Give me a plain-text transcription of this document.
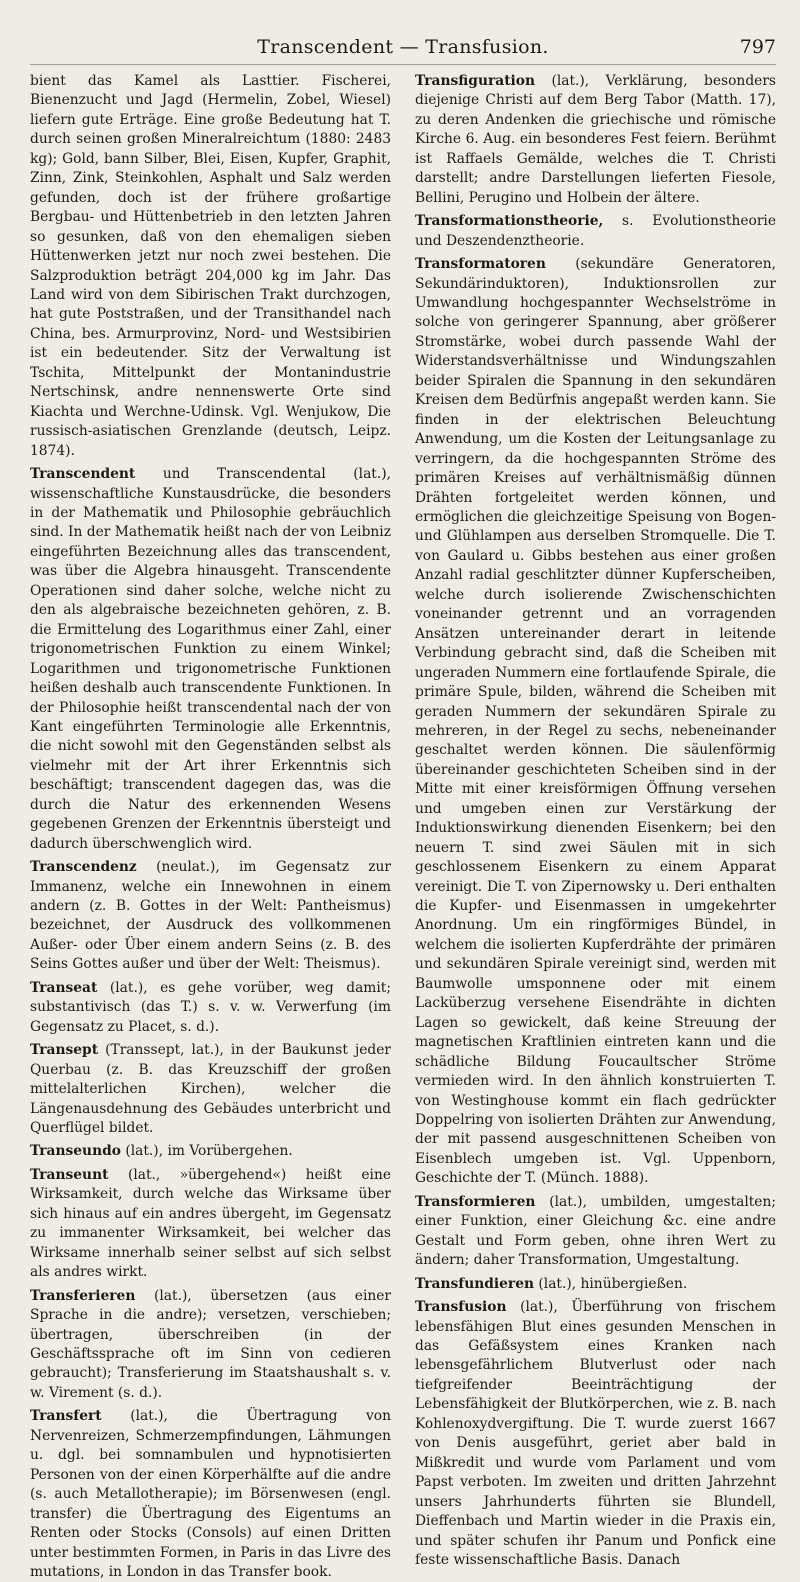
Transcendent — Transfusion.	797

bient das Kamel als Lasttier. Fischerei, Bienenzucht und Jagd (Hermelin, Zobel, Wiesel) liefern gute Erträge. Eine große Bedeutung hat T. durch seinen großen Mineralreichtum (1880: 2483 kg); Gold, bann Silber, Blei, Eisen, Kupfer, Graphit, Zinn, Zink, Steinkohlen, Asphalt und Salz werden gefunden, doch ist der frühere großartige Bergbau- und Hüttenbetrieb in den letzten Jahren so gesunken, daß von den ehemaligen sieben Hüttenwerken jetzt nur noch zwei bestehen. Die Salzproduktion beträgt 204,000 kg im Jahr. Das Land wird von dem Sibirischen Trakt durchzogen, hat gute Poststraßen, und der Transithandel nach China, bes. Armurprovinz, Nord- und Westsibirien ist ein bedeutender. Sitz der Verwaltung ist Tschita, Mittelpunkt der Montanindustrie Nertschinsk, andre nennenswerte Orte sind Kiachta und Werchne-Udinsk. Vgl. Wenjukow, Die russisch-asiatischen Grenzlande (deutsch, Leipz. 1874).

Transcendent und Transcendental (lat.), wissenschaftliche Kunstausdrücke, die besonders in der Mathematik und Philosophie gebräuchlich sind. In der Mathematik heißt nach der von Leibniz eingeführten Bezeichnung alles das transcendent, was über die Algebra hinausgeht. Transcendente Operationen sind daher solche, welche nicht zu den als algebraische bezeichneten gehören, z. B. die Ermittelung des Logarithmus einer Zahl, einer trigonometrischen Funktion zu einem Winkel; Logarithmen und trigonometrische Funktionen heißen deshalb auch transcendente Funktionen. In der Philosophie heißt transcendental nach der von Kant eingeführten Terminologie alle Erkenntnis, die nicht sowohl mit den Gegenständen selbst als vielmehr mit der Art ihrer Erkenntnis sich beschäftigt; transcendent dagegen das, was die durch die Natur des erkennenden Wesens gegebenen Grenzen der Erkenntnis übersteigt und dadurch überschwenglich wird.

Transcendenz (neulat.), im Gegensatz zur Immanenz, welche ein Innewohnen in einem andern (z. B. Gottes in der Welt: Pantheismus) bezeichnet, der Ausdruck des vollkommenen Außer- oder Über einem andern Seins (z. B. des Seins Gottes außer und über der Welt: Theismus).

Transeat (lat.), es gehe vorüber, weg damit; substantivisch (das T.) s. v. w. Verwerfung (im Gegensatz zu Placet, s. d.).

Transept (Transsept, lat.), in der Baukunst jeder Querbau (z. B. das Kreuzschiff der großen mittelalterlichen Kirchen), welcher die Längenausdehnung des Gebäudes unterbricht und Querflügel bildet.

Transeundo (lat.), im Vorübergehen.

Transeunt (lat., »übergehend«) heißt eine Wirksamkeit, durch welche das Wirksame über sich hinaus auf ein andres übergeht, im Gegensatz zu immanenter Wirksamkeit, bei welcher das Wirksame innerhalb seiner selbst auf sich selbst als andres wirkt.

Transferieren (lat.), übersetzen (aus einer Sprache in die andre); versetzen, verschieben; übertragen, überschreiben (in der Geschäftssprache oft im Sinn von cedieren gebraucht); Transferierung im Staatshaushalt s. v. w. Virement (s. d.).

Transfert (lat.), die Übertragung von Nervenreizen, Schmerzempfindungen, Lähmungen u. dgl. bei somnambulen und hypnotisierten Personen von der einen Körperhälfte auf die andre (s. auch Metallotherapie); im Börsenwesen (engl. transfer) die Übertragung des Eigentums an Renten oder Stocks (Consols) auf einen Dritten unter bestimmten Formen, in Paris in das Livre des mutations, in London in das Transfer book.

Transfiguration (lat.), Verklärung, besonders diejenige Christi auf dem Berg Tabor (Matth. 17), zu deren Andenken die griechische und römische Kirche 6. Aug. ein besonderes Fest feiern. Berühmt ist Raffaels Gemälde, welches die T. Christi darstellt; andre Darstellungen lieferten Fiesole, Bellini, Perugino und Holbein der ältere.

Transformationstheorie, s. Evolutionstheorie und Deszendenztheorie.

Transformatoren (sekundäre Generatoren, Sekundärinduktoren), Induktionsrollen zur Umwandlung hochgespannter Wechselströme in solche von geringerer Spannung, aber größerer Stromstärke, wobei durch passende Wahl der Widerstandsverhältnisse und Windungszahlen beider Spiralen die Spannung in den sekundären Kreisen dem Bedürfnis angepaßt werden kann. Sie finden in der elektrischen Beleuchtung Anwendung, um die Kosten der Leitungsanlage zu verringern, da die hochgespannten Ströme des primären Kreises auf verhältnismäßig dünnen Drähten fortgeleitet werden können, und ermöglichen die gleichzeitige Speisung von Bogen- und Glühlampen aus derselben Stromquelle. Die T. von Gaulard u. Gibbs bestehen aus einer großen Anzahl radial geschlitzter dünner Kupferscheiben, welche durch isolierende Zwischenschichten voneinander getrennt und an vorragenden Ansätzen untereinander derart in leitende Verbindung gebracht sind, daß die Scheiben mit ungeraden Nummern eine fortlaufende Spirale, die primäre Spule, bilden, während die Scheiben mit geraden Nummern der sekundären Spirale zu mehreren, in der Regel zu sechs, nebeneinander geschaltet werden können. Die säulenförmig übereinander geschichteten Scheiben sind in der Mitte mit einer kreisförmigen Öffnung versehen und umgeben einen zur Verstärkung der Induktionswirkung dienenden Eisenkern; bei den neuern T. sind zwei Säulen mit in sich geschlossenem Eisenkern zu einem Apparat vereinigt. Die T. von Zipernowsky u. Deri enthalten die Kupfer- und Eisenmassen in umgekehrter Anordnung. Um ein ringförmiges Bündel, in welchem die isolierten Kupferdrähte der primären und sekundären Spirale vereinigt sind, werden mit Baumwolle umsponnene oder mit einem Lacküberzug versehene Eisendrähte in dichten Lagen so gewickelt, daß keine Streuung der magnetischen Kraftlinien eintreten kann und die schädliche Bildung Foucaultscher Ströme vermieden wird. In den ähnlich konstruierten T. von Westinghouse kommt ein flach gedrückter Doppelring von isolierten Drähten zur Anwendung, der mit passend ausgeschnittenen Scheiben von Eisenblech umgeben ist. Vgl. Uppenborn, Geschichte der T. (Münch. 1888).

Transformieren (lat.), umbilden, umgestalten; einer Funktion, einer Gleichung &c. eine andre Gestalt und Form geben, ohne ihren Wert zu ändern; daher Transformation, Umgestaltung.

Transfundieren (lat.), hinübergießen.

Transfusion (lat.), Überführung von frischem lebensfähigen Blut eines gesunden Menschen in das Gefäßsystem eines Kranken nach lebensgefährlichem Blutverlust oder nach tiefgreifender Beeinträchtigung der Lebensfähigkeit der Blutkörperchen, wie z. B. nach Kohlenoxydvergiftung. Die T. wurde zuerst 1667 von Denis ausgeführt, geriet aber bald in Mißkredit und wurde vom Parlament und vom Papst verboten. Im zweiten und dritten Jahrzehnt unsers Jahrhunderts führten sie Blundell, Dieffenbach und Martin wieder in die Praxis ein, und später schufen ihr Panum und Ponfick eine feste wissenschaftliche Basis. Danach
